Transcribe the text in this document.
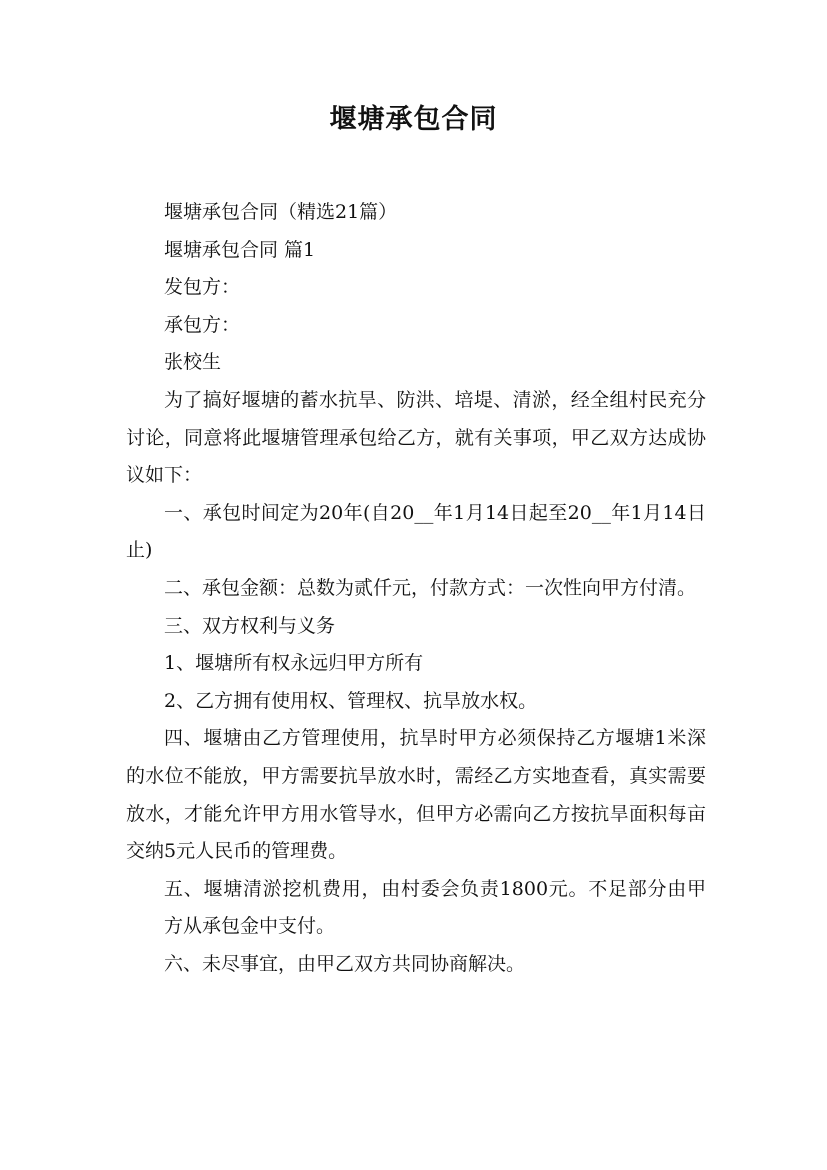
堰塘承包合同

堰塘承包合同（精选21篇）

堰塘承包合同 篇1

发包方：

承包方：

张校生

为了搞好堰塘的蓄水抗旱、防洪、培堤、清淤，经全组村民充分讨论，同意将此堰塘管理承包给乙方，就有关事项，甲乙双方达成协议如下：

一、承包时间定为20年(自20__年1月14日起至20__年1月14日止)

二、承包金额：总数为贰仟元，付款方式：一次性向甲方付清。

三、双方权利与义务

1、堰塘所有权永远归甲方所有

2、乙方拥有使用权、管理权、抗旱放水权。

四、堰塘由乙方管理使用，抗旱时甲方必须保持乙方堰塘1米深的水位不能放，甲方需要抗旱放水时，需经乙方实地查看，真实需要放水，才能允许甲方用水管导水，但甲方必需向乙方按抗旱面积每亩交纳5元人民币的管理费。

五、堰塘清淤挖机费用，由村委会负责1800元。不足部分由甲方从承包金中支付。

六、未尽事宜，由甲乙双方共同协商解决。
